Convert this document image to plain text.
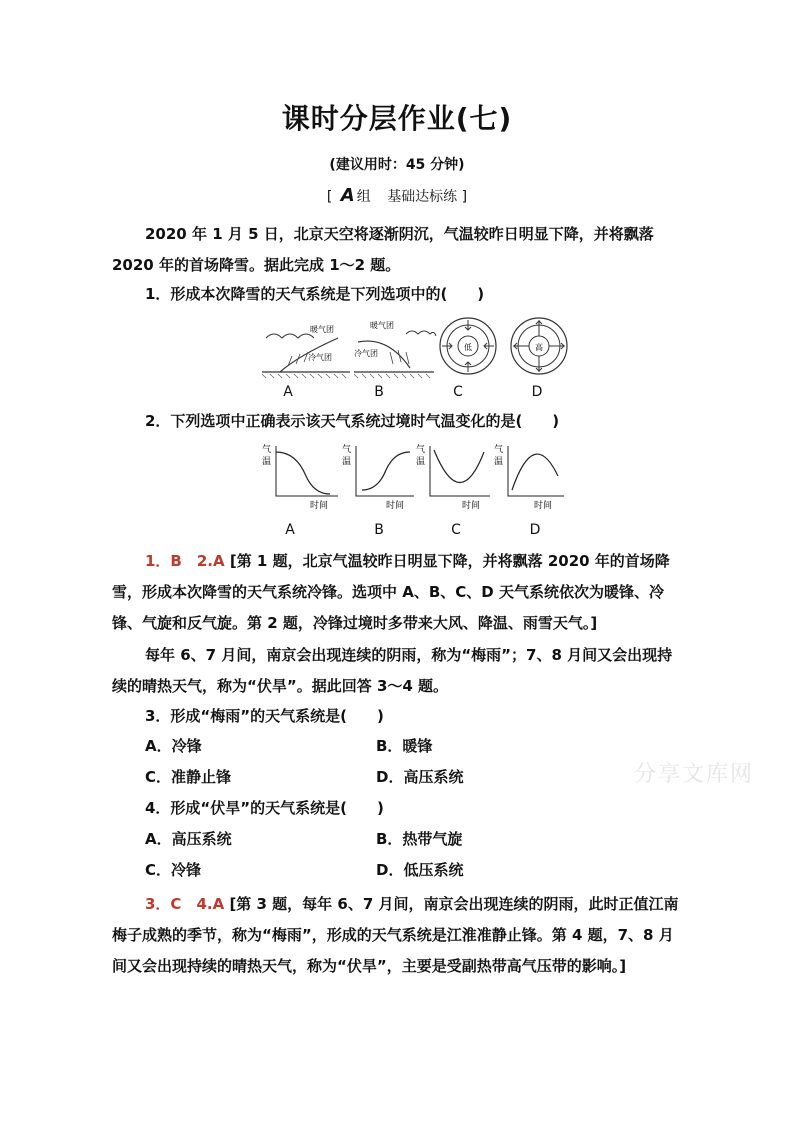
课时分层作业(七)
(建议用时：45 分钟)
[ A 组 基础达标练 ]
2020 年 1 月 5 日，北京天空将逐渐阴沉，气温较昨日明显下降，并将飘落 2020 年的首场降雪。据此完成 1～2 题。
1．形成本次降雪的天气系统是下列选项中的(　　)
暖气团
冷气团
暖气团
冷气团
低	高
A	B	C	D
2．下列选项中正确表示该天气系统过境时气温变化的是(　　)
气
温
时间
气
温
时间
气
温
时间
气
温
时间
A	B	C	D
1．B　2.A [第 1 题，北京气温较昨日明显下降，并将飘落 2020 年的首场降雪，形成本次降雪的天气系统冷锋。选项中 A、B、C、D 天气系统依次为暖锋、冷锋、气旋和反气旋。第 2 题，冷锋过境时多带来大风、降温、雨雪天气。]
每年 6、7 月间，南京会出现连续的阴雨，称为“梅雨”；7、8 月间又会出现持续的晴热天气，称为“伏旱”。据此回答 3～4 题。
3．形成“梅雨”的天气系统是(　　)
A．冷锋	B．暖锋
C．准静止锋	D．高压系统
4．形成“伏旱”的天气系统是(　　)
A．高压系统	B．热带气旋
C．冷锋	D．低压系统
3．C　4.A [第 3 题，每年 6、7 月间，南京会出现连续的阴雨，此时正值江南梅子成熟的季节，称为“梅雨”，形成的天气系统是江淮准静止锋。第 4 题，7、8 月间又会出现持续的晴热天气，称为“伏旱”，主要是受副热带高气压带的影响。]
分享文库网
